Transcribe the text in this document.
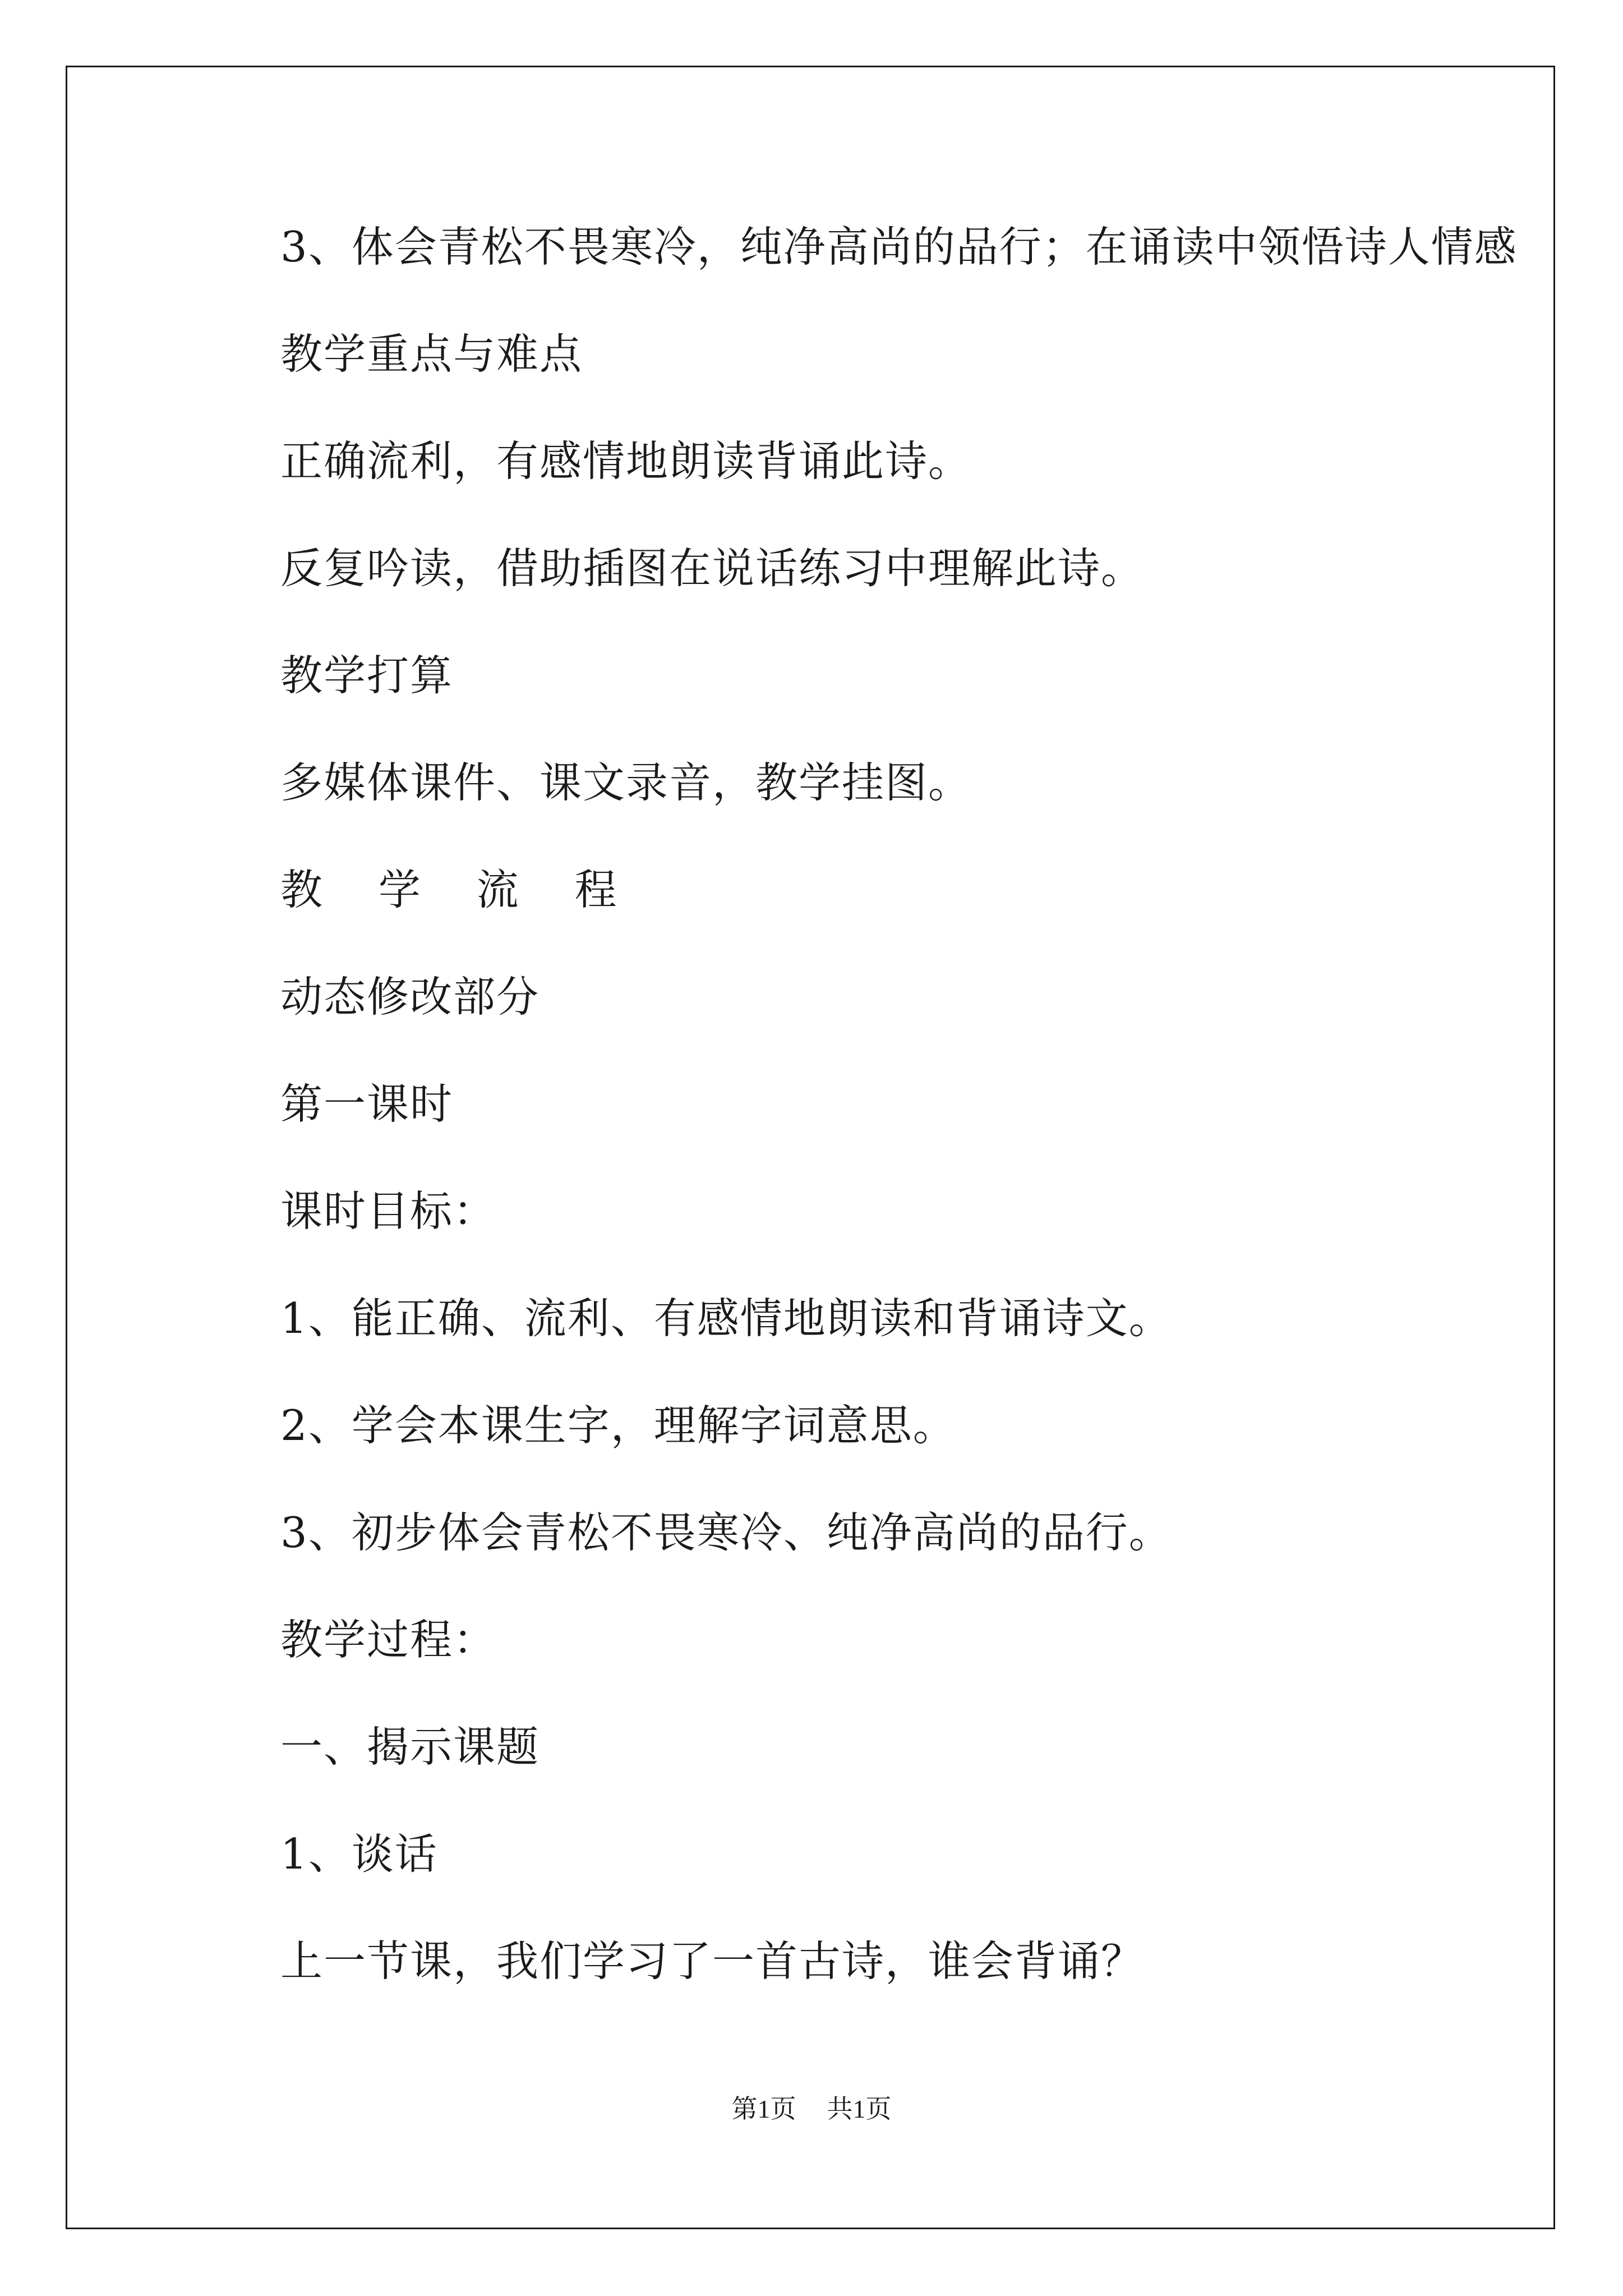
3、体会青松不畏寒冷，纯净高尚的品行；在诵读中领悟诗人情感
教学重点与难点
正确流利，有感情地朗读背诵此诗。
反复吟读，借助插图在说话练习中理解此诗。
教学打算
多媒体课件、课文录音，教学挂图。
教 学 流 程
动态修改部分
第一课时
课时目标：
1、能正确、流利、有感情地朗读和背诵诗文。
2、学会本课生字，理解字词意思。
3、初步体会青松不畏寒冷、纯净高尚的品行。
教学过程：
一、揭示课题
1、谈话
上一节课，我们学习了一首古诗，谁会背诵？
第1页 共1页
